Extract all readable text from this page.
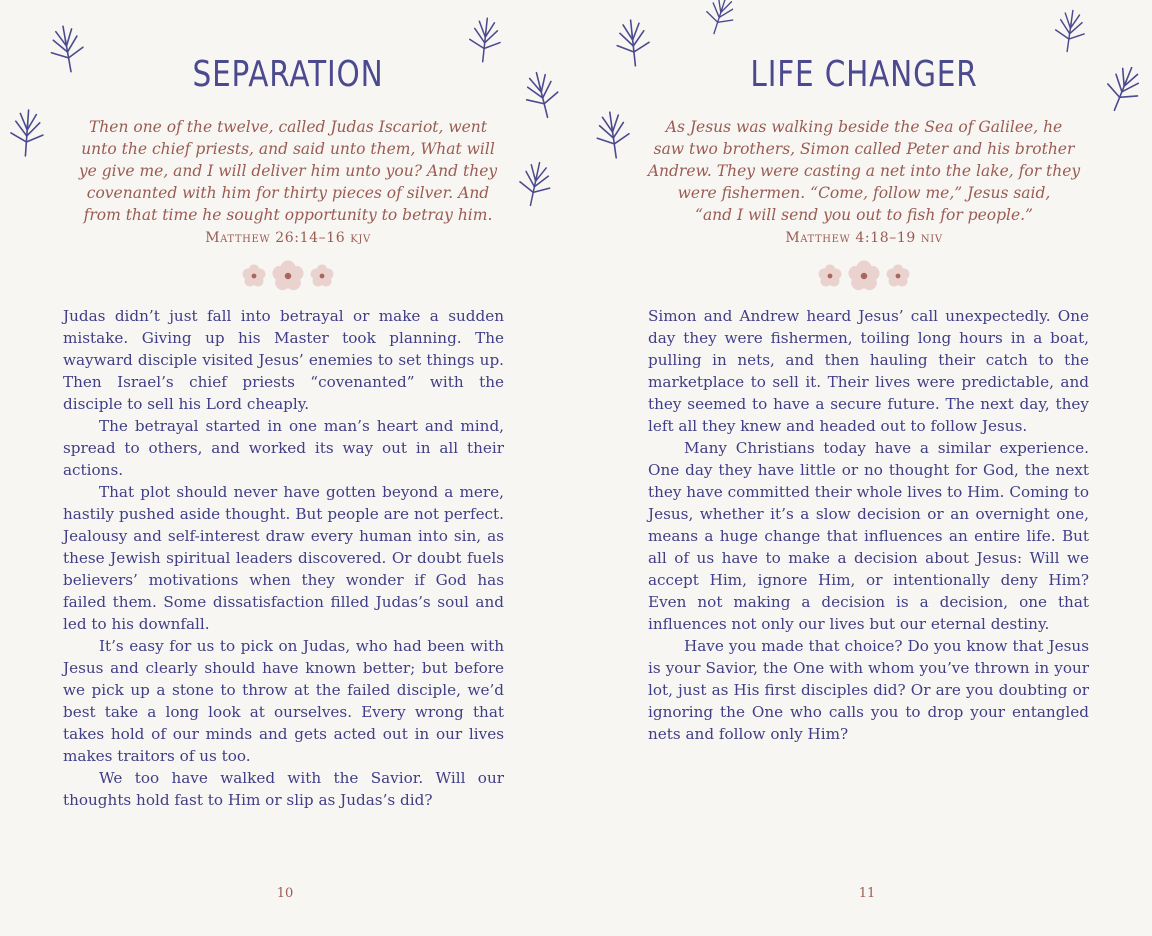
SEPARATION

Then one of the twelve, called Judas Iscariot, went

unto the chief priests, and said unto them, What will

ye give me, and I will deliver him unto you? And they

covenanted with him for thirty pieces of silver. And

from that time he sought opportunity to betray him.

Matthew 26:14–16 kjv

Judas didn’t just fall into betrayal or make a sudden mistake. Giving up his Master took planning. The wayward disciple visited Jesus’ enemies to set things up. Then Israel’s chief priests “covenanted” with the disciple to sell his Lord cheaply.

The betrayal started in one man’s heart and mind, spread to others, and worked its way out in all their actions.

That plot should never have gotten beyond a mere, hastily pushed aside thought. But people are not perfect. Jealousy and self-interest draw every human into sin, as these Jewish spiritual leaders discovered. Or doubt fuels believers’ motivations when they wonder if God has failed them. Some dissatisfaction filled Judas’s soul and led to his downfall.

It’s easy for us to pick on Judas, who had been with Jesus and clearly should have known better; but before we pick up a stone to throw at the failed disciple, we’d best take a long look at ourselves. Every wrong that takes hold of our minds and gets acted out in our lives makes traitors of us too.

We too have walked with the Savior. Will our thoughts hold fast to Him or slip as Judas’s did?

10
LIFE CHANGER

As Jesus was walking beside the Sea of Galilee, he

saw two brothers, Simon called Peter and his brother

Andrew. They were casting a net into the lake, for they

were fishermen. “Come, follow me,” Jesus said,

“and I will send you out to fish for people.”

Matthew 4:18–19 niv

Simon and Andrew heard Jesus’ call unexpectedly. One day they were fishermen, toiling long hours in a boat, pulling in nets, and then hauling their catch to the marketplace to sell it. Their lives were predictable, and they seemed to have a secure future. The next day, they left all they knew and headed out to follow Jesus.

Many Christians today have a similar experience. One day they have little or no thought for God, the next they have committed their whole lives to Him. Coming to Jesus, whether it’s a slow decision or an overnight one, means a huge change that influences an entire life. But all of us have to make a decision about Jesus: Will we accept Him, ignore Him, or intentionally deny Him? Even not making a decision is a decision, one that influences not only our lives but our eternal destiny.

Have you made that choice? Do you know that Jesus is your Savior, the One with whom you’ve thrown in your lot, just as His first disciples did? Or are you doubting or ignoring the One who calls you to drop your entangled nets and follow only Him?

11
